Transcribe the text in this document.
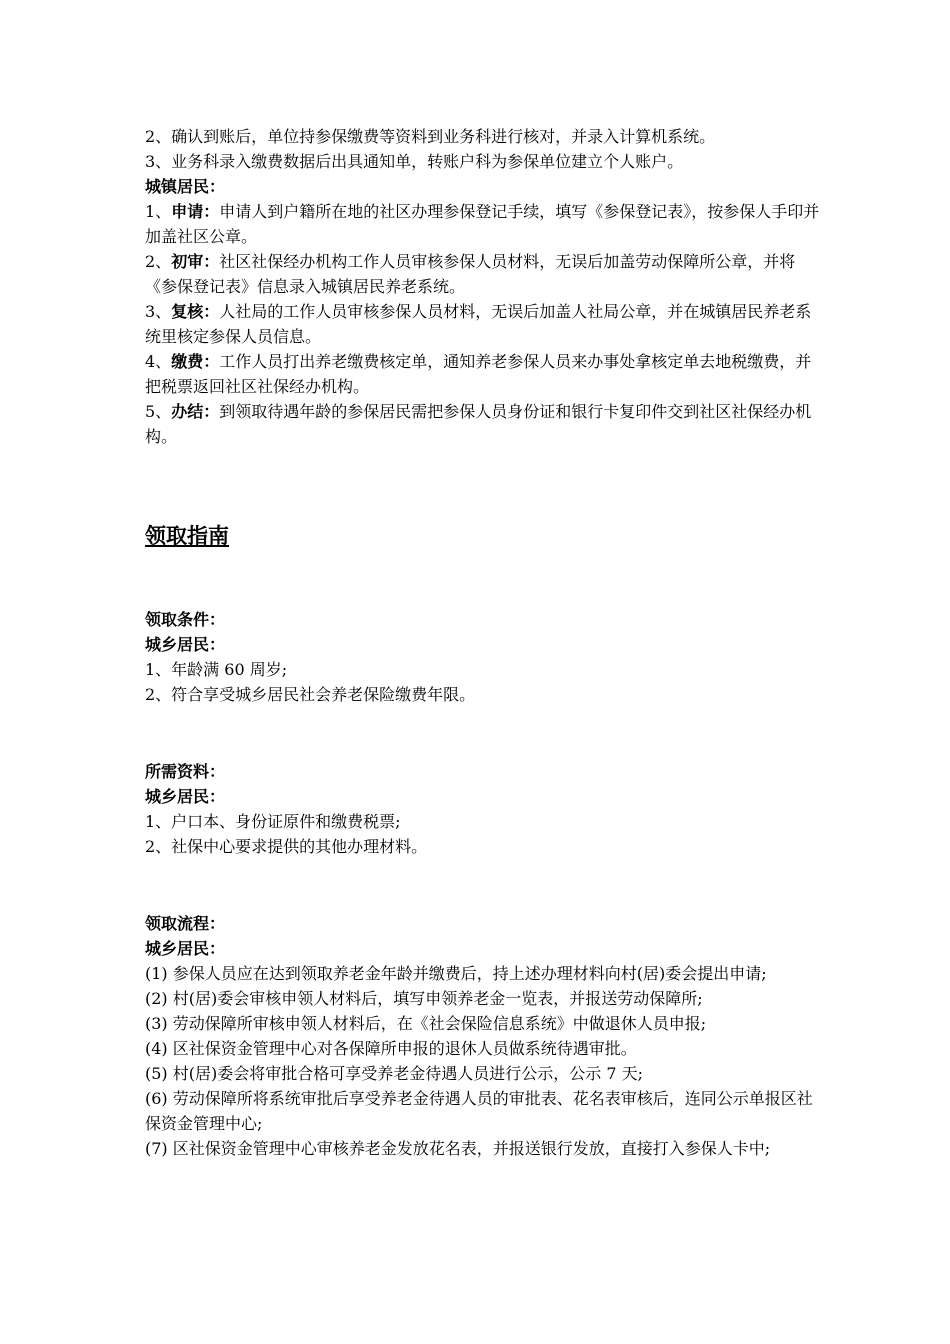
2、确认到账后，单位持参保缴费等资料到业务科进行核对，并录入计算机系统。
3、业务科录入缴费数据后出具通知单，转账户科为参保单位建立个人账户。
城镇居民：
1、申请：申请人到户籍所在地的社区办理参保登记手续，填写《参保登记表》，按参保人手印并加盖社区公章。
2、初审：社区社保经办机构工作人员审核参保人员材料，无误后加盖劳动保障所公章，并将《参保登记表》信息录入城镇居民养老系统。
3、复核：人社局的工作人员审核参保人员材料，无误后加盖人社局公章，并在城镇居民养老系统里核定参保人员信息。
4、缴费：工作人员打出养老缴费核定单，通知养老参保人员来办事处拿核定单去地税缴费，并把税票返回社区社保经办机构。
5、办结：到领取待遇年龄的参保居民需把参保人员身份证和银行卡复印件交到社区社保经办机构。
领取指南
领取条件：
城乡居民：
1、年龄满 60 周岁;
2、符合享受城乡居民社会养老保险缴费年限。
所需资料：
城乡居民：
1、户口本、身份证原件和缴费税票;
2、社保中心要求提供的其他办理材料。
领取流程：
城乡居民：
(1) 参保人员应在达到领取养老金年龄并缴费后，持上述办理材料向村(居)委会提出申请;
(2) 村(居)委会审核申领人材料后，填写申领养老金一览表，并报送劳动保障所;
(3) 劳动保障所审核申领人材料后，在《社会保险信息系统》中做退休人员申报;
(4) 区社保资金管理中心对各保障所申报的退休人员做系统待遇审批。
(5) 村(居)委会将审批合格可享受养老金待遇人员进行公示，公示 7 天;
(6) 劳动保障所将系统审批后享受养老金待遇人员的审批表、花名表审核后，连同公示单报区社保资金管理中心;
(7) 区社保资金管理中心审核养老金发放花名表，并报送银行发放，直接打入参保人卡中;
